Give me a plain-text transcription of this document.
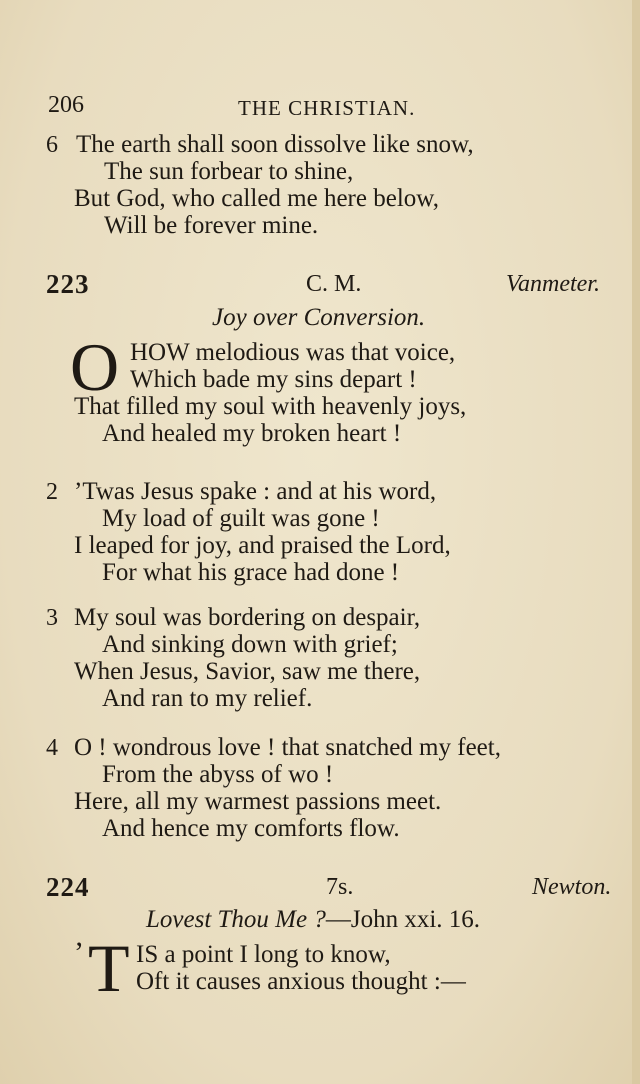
206	THE CHRISTIAN.
6 The earth shall soon dissolve like snow,
The sun forbear to shine,
But God, who called me here below,
Will be forever mine.
223	C. M.	Vanmeter.
Joy over Conversion.
O HOW melodious was that voice,
Which bade my sins depart !
That filled my soul with heavenly joys,
And healed my broken heart !
2 ’Twas Jesus spake : and at his word,
My load of guilt was gone !
I leaped for joy, and praised the Lord,
For what his grace had done !
3 My soul was bordering on despair,
And sinking down with grief;
When Jesus, Savior, saw me there,
And ran to my relief.
4 O ! wondrous love ! that snatched my feet,
From the abyss of wo !
Here, all my warmest passions meet.
And hence my comforts flow.
224	7s.	Newton.
Lovest Thou Me ?—John xxi. 16.
’ T IS a point I long to know,
Oft it causes anxious thought :—
